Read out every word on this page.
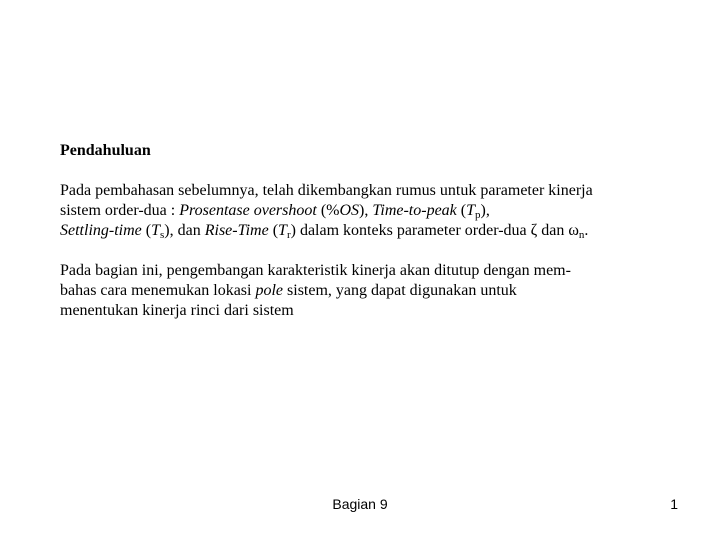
Pendahuluan
Pada pembahasan sebelumnya, telah dikembangkan rumus untuk parameter kinerja
sistem order-dua : Prosentase overshoot (%OS), Time-to-peak $(T_p)$,
Settling-time $(T_s)$, dan Rise-Time $(T_r)$ dalam konteks parameter order-dua ζ dan $\omega_n$.
Pada bagian ini, pengembangan karakteristik kinerja akan ditutup dengan mem-
bahas cara menemukan lokasi pole sistem, yang dapat digunakan untuk
menentukan kinerja rinci dari sistem
Bagian 9	1
